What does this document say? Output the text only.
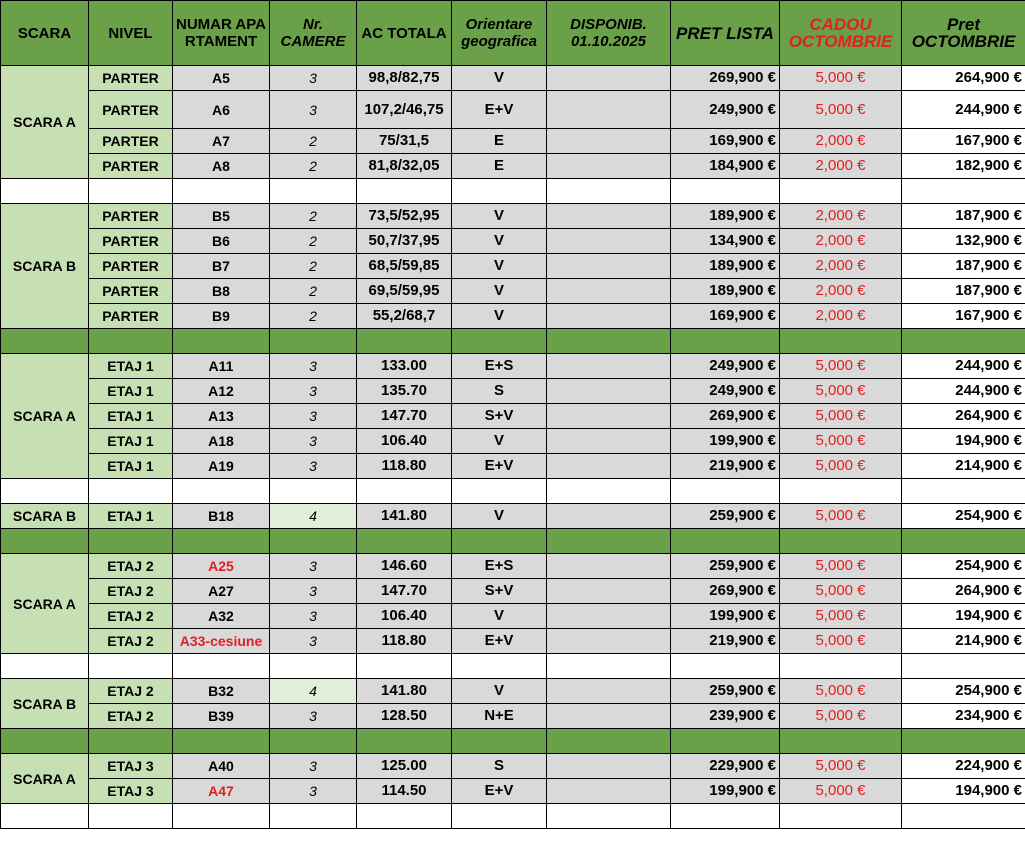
SCARA	NIVEL	NUMAR APARTAMENT	Nr. CAMERE	AC TOTALA	Orientare geografica	DISPONIB. 01.10.2025	PRET LISTA	CADOU OCTOMBRIE	Pret OCTOMBRIE
SCARA A	PARTER	A5	3	98,8/82,75	V		269,900 €	5,000 €	264,900 €
	PARTER	A6	3	107,2/46,75	E+V		249,900 €	5,000 €	244,900 €
	PARTER	A7	2	75/31,5	E		169,900 €	2,000 €	167,900 €
	PARTER	A8	2	81,8/32,05	E		184,900 €	2,000 €	182,900 €

SCARA B	PARTER	B5	2	73,5/52,95	V		189,900 €	2,000 €	187,900 €
	PARTER	B6	2	50,7/37,95	V		134,900 €	2,000 €	132,900 €
	PARTER	B7	2	68,5/59,85	V		189,900 €	2,000 €	187,900 €
	PARTER	B8	2	69,5/59,95	V		189,900 €	2,000 €	187,900 €
	PARTER	B9	2	55,2/68,7	V		169,900 €	2,000 €	167,900 €

SCARA A	ETAJ 1	A11	3	133.00	E+S		249,900 €	5,000 €	244,900 €
	ETAJ 1	A12	3	135.70	S		249,900 €	5,000 €	244,900 €
	ETAJ 1	A13	3	147.70	S+V		269,900 €	5,000 €	264,900 €
	ETAJ 1	A18	3	106.40	V		199,900 €	5,000 €	194,900 €
	ETAJ 1	A19	3	118.80	E+V		219,900 €	5,000 €	214,900 €

SCARA B	ETAJ 1	B18	4	141.80	V		259,900 €	5,000 €	254,900 €

SCARA A	ETAJ 2	A25	3	146.60	E+S		259,900 €	5,000 €	254,900 €
	ETAJ 2	A27	3	147.70	S+V		269,900 €	5,000 €	264,900 €
	ETAJ 2	A32	3	106.40	V		199,900 €	5,000 €	194,900 €
	ETAJ 2	A33-cesiune	3	118.80	E+V		219,900 €	5,000 €	214,900 €

SCARA B	ETAJ 2	B32	4	141.80	V		259,900 €	5,000 €	254,900 €
	ETAJ 2	B39	3	128.50	N+E		239,900 €	5,000 €	234,900 €

SCARA A	ETAJ 3	A40	3	125.00	S		229,900 €	5,000 €	224,900 €
	ETAJ 3	A47	3	114.50	E+V		199,900 €	5,000 €	194,900 €
